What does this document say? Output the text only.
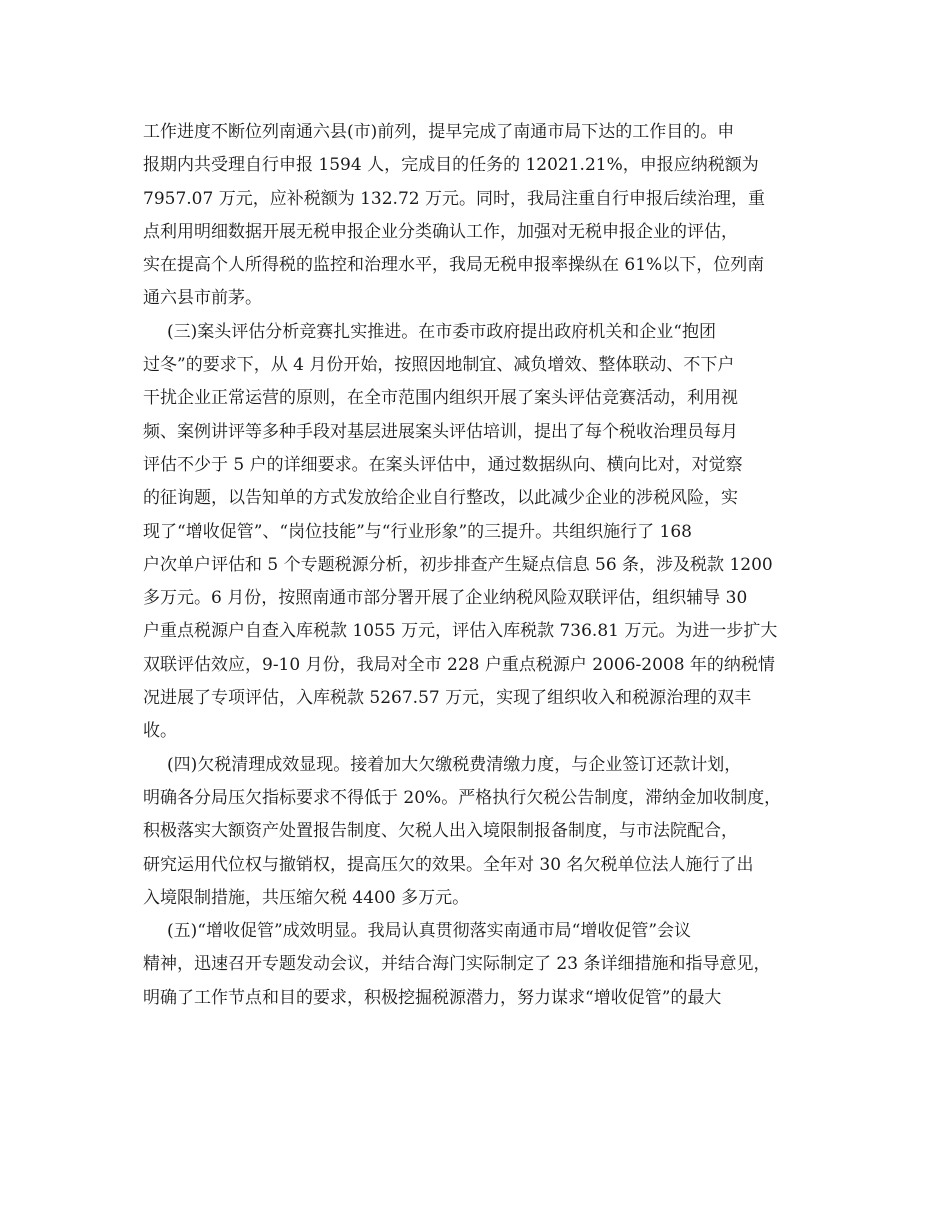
工作进度不断位列南通六县(市)前列，提早完成了南通市局下达的工作目的。申
报期内共受理自行申报 1594 人，完成目的任务的 12021.21%，申报应纳税额为
7957.07 万元，应补税额为 132.72 万元。同时，我局注重自行申报后续治理，重
点利用明细数据开展无税申报企业分类确认工作，加强对无税申报企业的评估，
实在提高个人所得税的监控和治理水平，我局无税申报率操纵在 61%以下，位列南
通六县市前茅。
(三)案头评估分析竞赛扎实推进。在市委市政府提出政府机关和企业“抱团
过冬”的要求下，从 4 月份开始，按照因地制宜、减负增效、整体联动、不下户
干扰企业正常运营的原则，在全市范围内组织开展了案头评估竞赛活动，利用视
频、案例讲评等多种手段对基层进展案头评估培训，提出了每个税收治理员每月
评估不少于 5 户的详细要求。在案头评估中，通过数据纵向、横向比对，对觉察
的征询题，以告知单的方式发放给企业自行整改，以此减少企业的涉税风险，实
现了“增收促管”、“岗位技能”与“行业形象”的三提升。共组织施行了 168
户次单户评估和 5 个专题税源分析，初步排查产生疑点信息 56 条，涉及税款 1200
多万元。6 月份，按照南通市部分署开展了企业纳税风险双联评估，组织辅导 30
户重点税源户自查入库税款 1055 万元，评估入库税款 736.81 万元。为进一步扩大
双联评估效应，9-10 月份，我局对全市 228 户重点税源户 2006-2008 年的纳税情
况进展了专项评估，入库税款 5267.57 万元，实现了组织收入和税源治理的双丰
收。
(四)欠税清理成效显现。接着加大欠缴税费清缴力度，与企业签订还款计划，
明确各分局压欠指标要求不得低于 20%。严格执行欠税公告制度，滞纳金加收制度，
积极落实大额资产处置报告制度、欠税人出入境限制报备制度，与市法院配合，
研究运用代位权与撤销权，提高压欠的效果。全年对 30 名欠税单位法人施行了出
入境限制措施，共压缩欠税 4400 多万元。
(五)“增收促管”成效明显。我局认真贯彻落实南通市局“增收促管”会议
精神，迅速召开专题发动会议，并结合海门实际制定了 23 条详细措施和指导意见，
明确了工作节点和目的要求，积极挖掘税源潜力，努力谋求“增收促管”的最大
